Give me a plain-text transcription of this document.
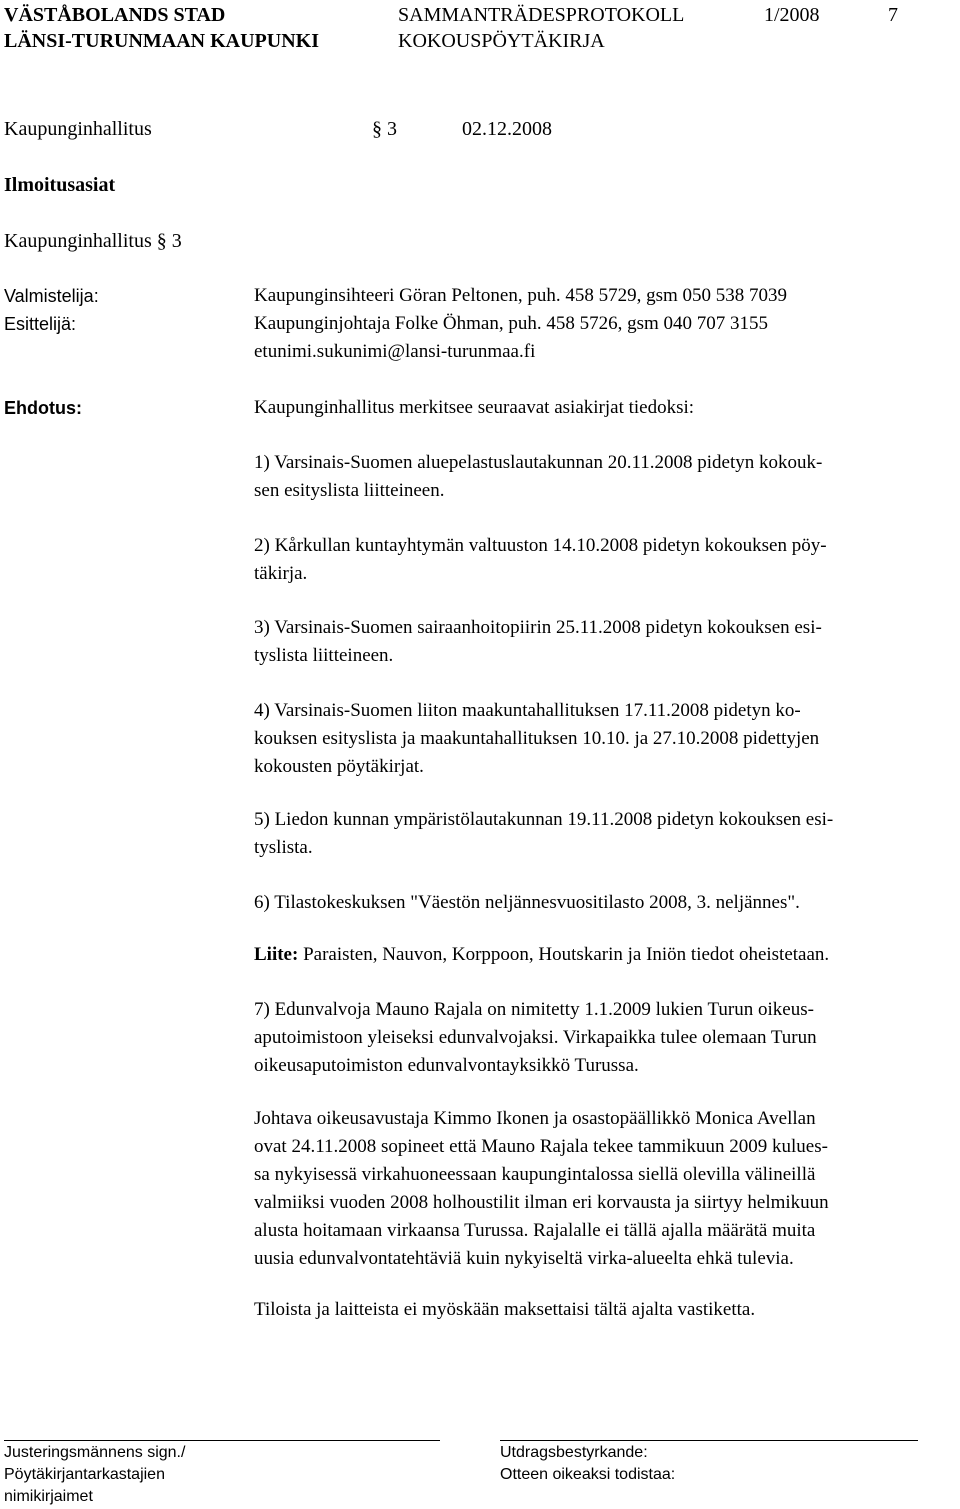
VÄSTÅBOLANDS STAD
LÄNSI-TURUNMAAN KAUPUNKI
SAMMANTRÄDESPROTOKOLL
KOKOUSPÖYTÄKIRJA
1/2008	7
Kaupunginhallitus	§ 3	02.12.2008
Ilmoitusasiat
Kaupunginhallitus § 3
Valmistelija:	Kaupunginsihteeri Göran Peltonen, puh. 458 5729, gsm 050 538 7039
Esittelijä:	Kaupunginjohtaja Folke Öhman, puh. 458 5726, gsm 040 707 3155
etunimi.sukunimi@lansi-turunmaa.fi
Ehdotus:	Kaupunginhallitus merkitsee seuraavat asiakirjat tiedoksi:
1) Varsinais-Suomen aluepelastuslautakunnan 20.11.2008 pidetyn kokouk-
sen esityslista liitteineen.
2) Kårkullan kuntayhtymän valtuuston 14.10.2008 pidetyn kokouksen pöy-
täkirja.
3) Varsinais-Suomen sairaanhoitopiirin 25.11.2008 pidetyn kokouksen esi-
tyslista liitteineen.
4) Varsinais-Suomen liiton maakuntahallituksen 17.11.2008 pidetyn ko-
kouksen esityslista ja maakuntahallituksen 10.10. ja 27.10.2008 pidettyjen
kokousten pöytäkirjat.
5) Liedon kunnan ympäristölautakunnan 19.11.2008 pidetyn kokouksen esi-
tyslista.
6) Tilastokeskuksen "Väestön neljännesvuositilasto 2008, 3. neljännes".
Liite: Paraisten, Nauvon, Korppoon, Houtskarin ja Iniön tiedot oheistetaan.
7) Edunvalvoja Mauno Rajala on nimitetty 1.1.2009 lukien Turun oikeus-
aputoimistoon yleiseksi edunvalvojaksi. Virkapaikka tulee olemaan Turun
oikeusaputoimiston edunvalvontayksikkö Turussa.
Johtava oikeusavustaja Kimmo Ikonen ja osastopäällikkö Monica Avellan
ovat 24.11.2008 sopineet että Mauno Rajala tekee tammikuun 2009 kulues-
sa nykyisessä virkahuoneessaan kaupungintalossa siellä olevilla välineillä
valmiiksi vuoden 2008 holhoustilit ilman eri korvausta ja siirtyy helmikuun
alusta hoitamaan virkaansa Turussa. Rajalalle ei tällä ajalla määrätä muita
uusia edunvalvontatehtäviä kuin nykyiseltä virka-alueelta ehkä tulevia.
Tiloista ja laitteista ei myöskään maksettaisi tältä ajalta vastiketta.
Justeringsmännens sign./
Pöytäkirjantarkastajien
nimikirjaimet
Utdragsbestyrkande:
Otteen oikeaksi todistaa:
